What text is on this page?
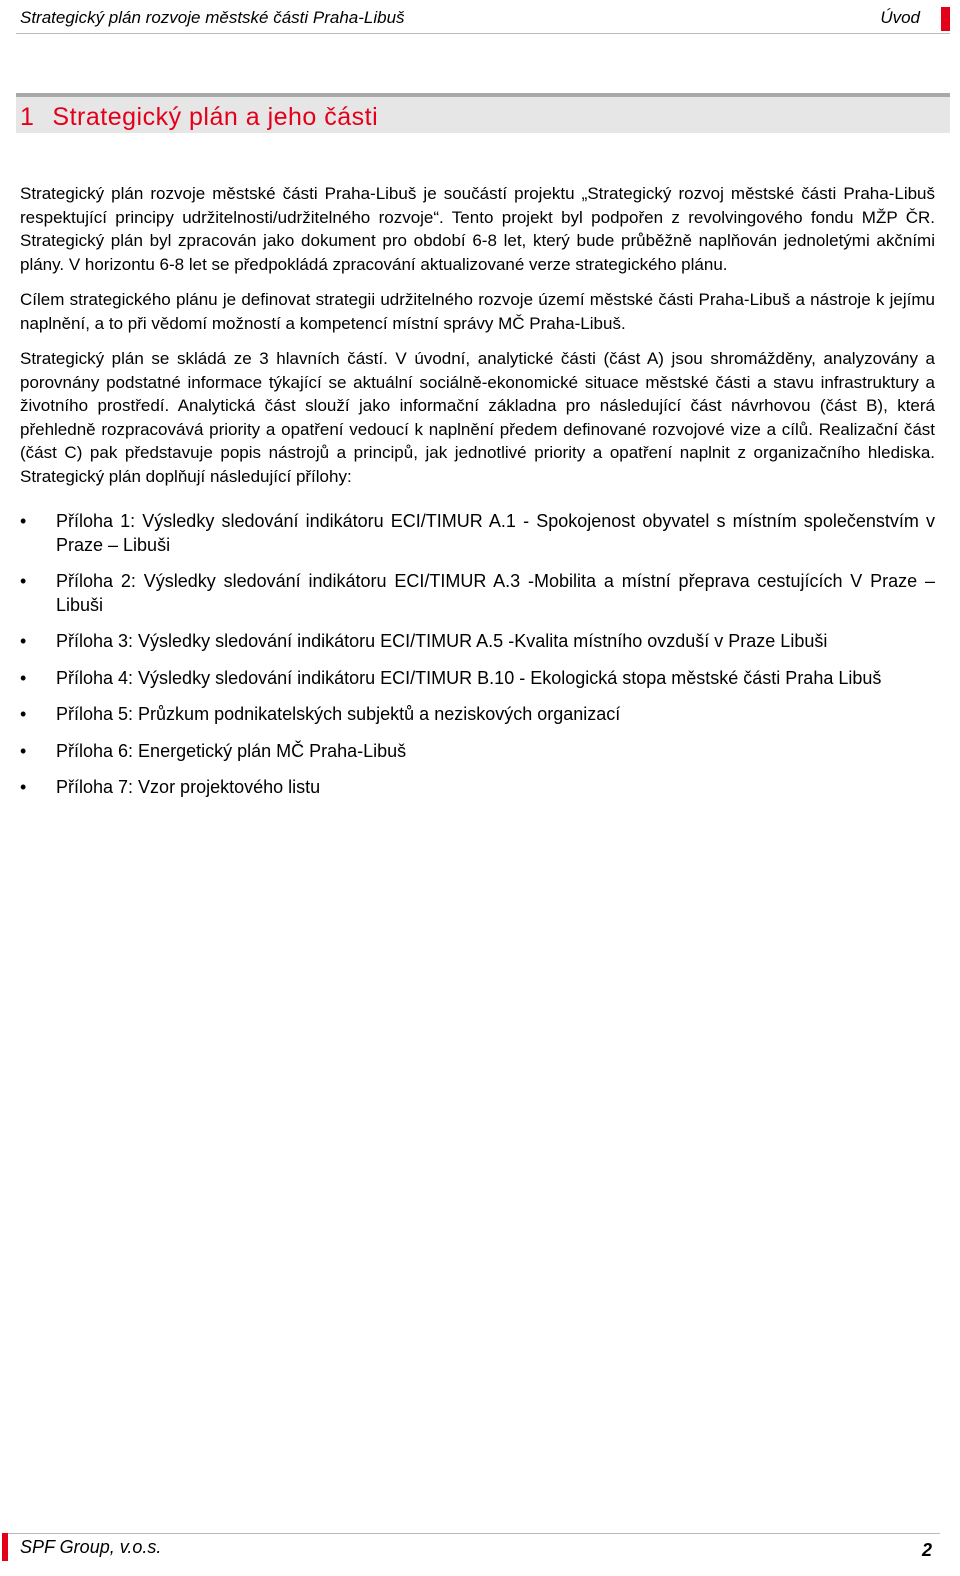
Strategický plán rozvoje městské části Praha-Libuš	Úvod
1 Strategický plán a jeho části

Strategický plán rozvoje městské části Praha-Libuš je součástí projektu „Strategický rozvoj městské části Praha-Libuš respektující principy udržitelnosti/udržitelného rozvoje“. Tento projekt byl podpořen z revolvingového fondu MŽP ČR. Strategický plán byl zpracován jako dokument pro období 6-8 let, který bude průběžně naplňován jednoletými akčními plány. V horizontu 6-8 let se předpokládá zpracování aktualizované verze strategického plánu.

Cílem strategického plánu je definovat strategii udržitelného rozvoje území městské části Praha-Libuš a nástroje k jejímu naplnění, a to při vědomí možností a kompetencí místní správy MČ Praha-Libuš.

Strategický plán se skládá ze 3 hlavních částí. V úvodní, analytické části (část A) jsou shromážděny, analyzovány a porovnány podstatné informace týkající se aktuální sociálně-ekonomické situace městské části a stavu infrastruktury a životního prostředí. Analytická část slouží jako informační základna pro následující část návrhovou (část B), která přehledně rozpracovává priority a opatření vedoucí k naplnění předem definované rozvojové vize a cílů. Realizační část (část C) pak představuje popis nástrojů a principů, jak jednotlivé priority a opatření naplnit z organizačního hlediska. Strategický plán doplňují následující přílohy:

• Příloha 1: Výsledky sledování indikátoru ECI/TIMUR A.1 - Spokojenost obyvatel s místním společenstvím v Praze – Libuši
• Příloha 2: Výsledky sledování indikátoru ECI/TIMUR A.3 -Mobilita a místní přeprava cestujících V Praze – Libuši
• Příloha 3: Výsledky sledování indikátoru ECI/TIMUR A.5 -Kvalita místního ovzduší v Praze Libuši
• Příloha 4: Výsledky sledování indikátoru ECI/TIMUR B.10 - Ekologická stopa městské části Praha Libuš
• Příloha 5: Průzkum podnikatelských subjektů a neziskových organizací
• Příloha 6: Energetický plán MČ Praha-Libuš
• Příloha 7: Vzor projektového listu
SPF Group, v.o.s.	2
